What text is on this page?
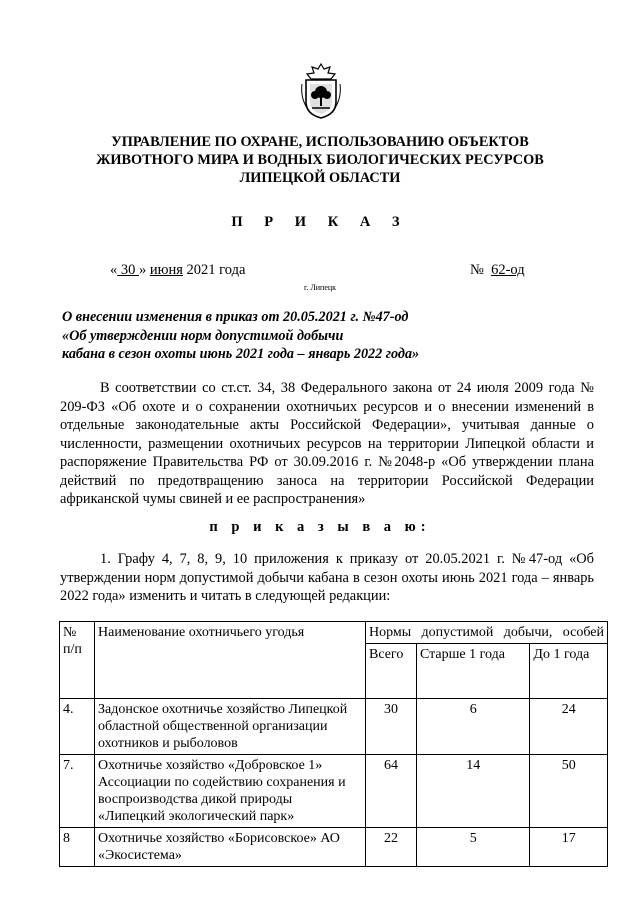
УПРАВЛЕНИЕ ПО ОХРАНЕ, ИСПОЛЬЗОВАНИЮ ОБЪЕКТОВ
ЖИВОТНОГО МИРА И ВОДНЫХ БИОЛОГИЧЕСКИХ РЕСУРСОВ
ЛИПЕЦКОЙ ОБЛАСТИ
П Р И К А З
« 30 » июня 2021 года	№ 62-од
г. Липецк
О внесении изменения в приказ от 20.05.2021 г. №47-од
«Об утверждении норм допустимой добычи
кабана в сезон охоты июнь 2021 года – январь 2022 года»
В соответствии со ст.ст. 34, 38 Федерального закона от 24 июля 2009 года № 209-ФЗ «Об охоте и о сохранении охотничьих ресурсов и о внесении изменений в отдельные законодательные акты Российской Федерации», учитывая данные о численности, размещении охотничьих ресурсов на территории Липецкой области и распоряжение Правительства РФ от 30.09.2016 г. №2048-р «Об утверждении плана действий по предотвращению заноса на территории Российской Федерации африканской чумы свиней и ее распространения»
п р и к а з ы в а ю:
1. Графу 4, 7, 8, 9, 10 приложения к приказу от 20.05.2021 г. №47-од «Об утверждении норм допустимой добычи кабана в сезон охоты июнь 2021 года – январь 2022 года» изменить и читать в следующей редакции:
№ п/п	Наименование охотничьего угодья	Нормы допустимой добычи, особей		
		Всего	Старше 1 года	До 1 года
4.	Задонское охотничье хозяйство Липецкой областной общественной организации охотников и рыболовов	30	6	24
7.	Охотничье хозяйство «Добровское 1» Ассоциации по содействию сохранения и воспроизводства дикой природы «Липецкий экологический парк»	64	14	50
8	Охотничье хозяйство «Борисовское» АО «Экосистема»	22	5	17
